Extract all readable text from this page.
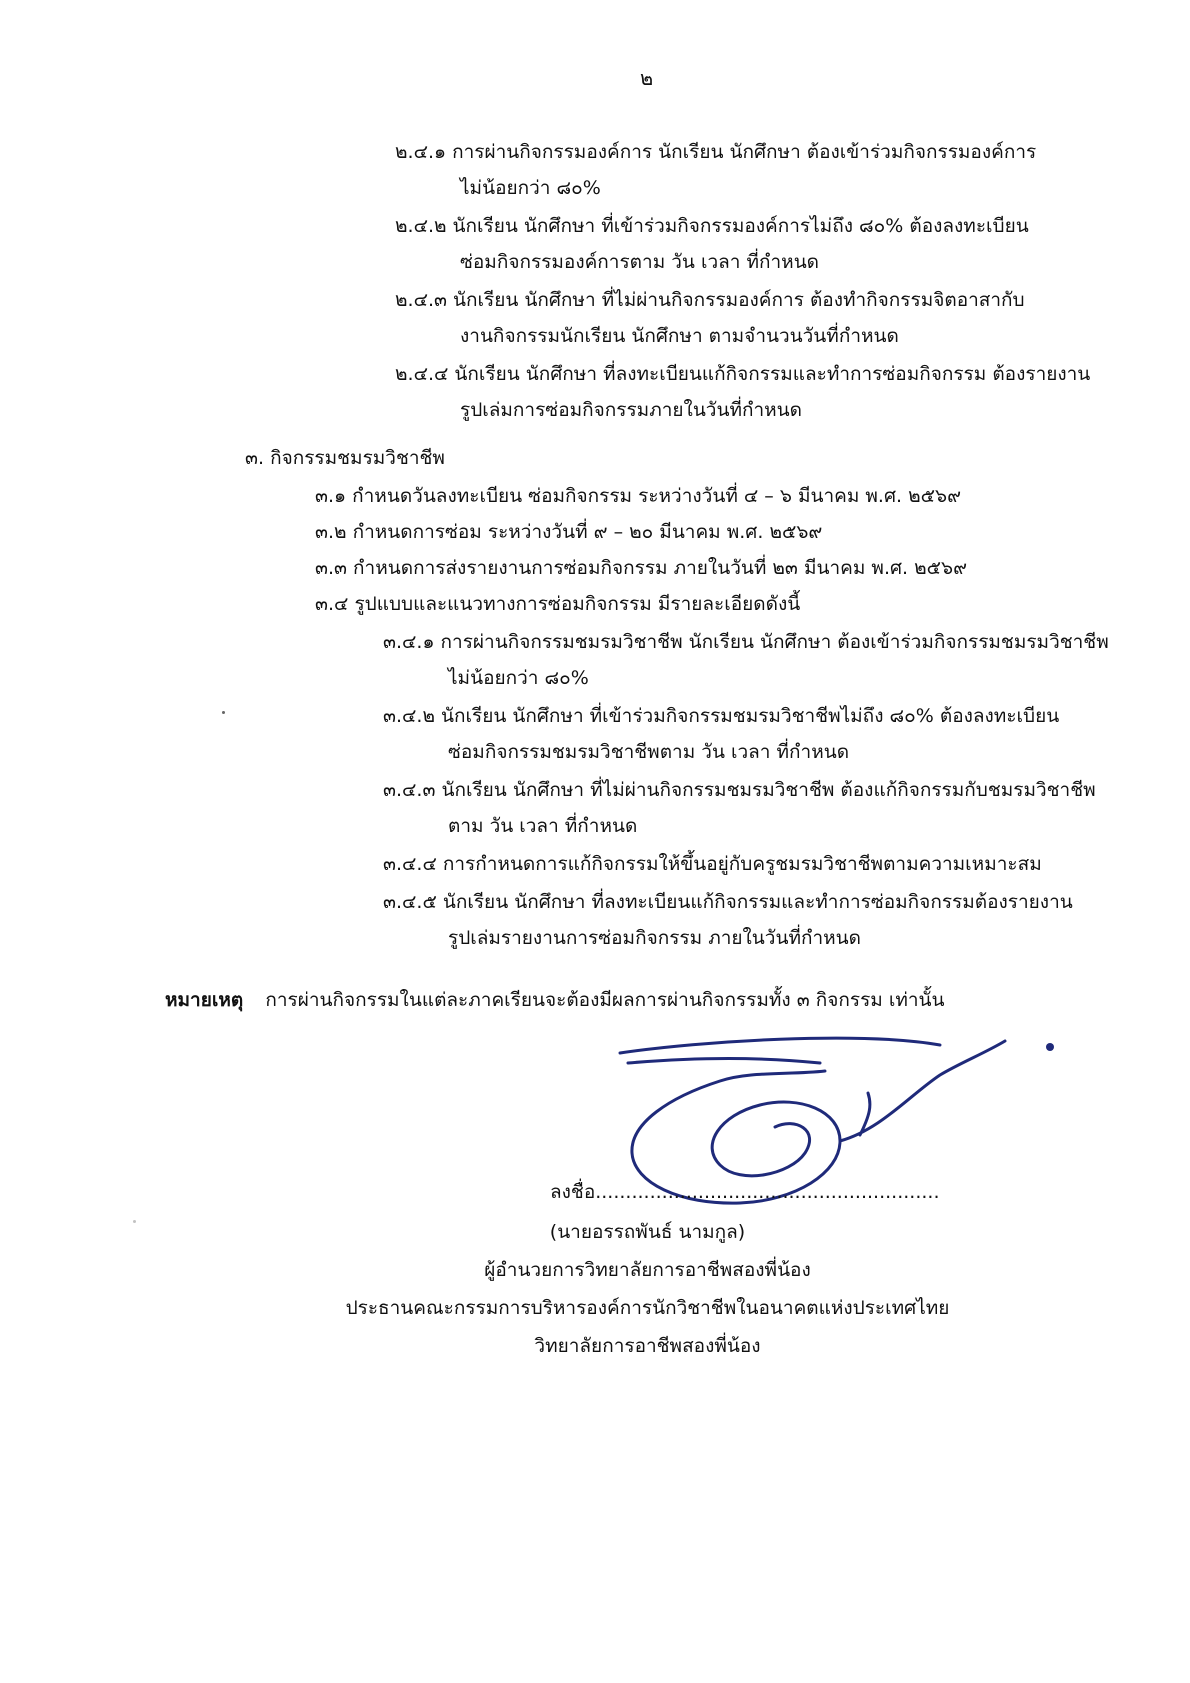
๒
๒.๔.๑ การผ่านกิจกรรมองค์การ นักเรียน นักศึกษา ต้องเข้าร่วมกิจกรรมองค์การ
ไม่น้อยกว่า ๘๐%
๒.๔.๒ นักเรียน นักศึกษา ที่เข้าร่วมกิจกรรมองค์การไม่ถึง ๘๐% ต้องลงทะเบียน
ซ่อมกิจกรรมองค์การตาม วัน เวลา ที่กำหนด
๒.๔.๓ นักเรียน นักศึกษา ที่ไม่ผ่านกิจกรรมองค์การ ต้องทำกิจกรรมจิตอาสากับ
งานกิจกรรมนักเรียน นักศึกษา ตามจำนวนวันที่กำหนด
๒.๔.๔ นักเรียน นักศึกษา ที่ลงทะเบียนแก้กิจกรรมและทำการซ่อมกิจกรรม ต้องรายงาน
รูปเล่มการซ่อมกิจกรรมภายในวันที่กำหนด
๓. กิจกรรมชมรมวิชาชีพ
๓.๑ กำหนดวันลงทะเบียน ซ่อมกิจกรรม ระหว่างวันที่ ๔ – ๖ มีนาคม พ.ศ. ๒๕๖๙
๓.๒ กำหนดการซ่อม ระหว่างวันที่ ๙ – ๒๐ มีนาคม พ.ศ. ๒๕๖๙
๓.๓ กำหนดการส่งรายงานการซ่อมกิจกรรม ภายในวันที่ ๒๓ มีนาคม พ.ศ. ๒๕๖๙
๓.๔ รูปแบบและแนวทางการซ่อมกิจกรรม มีรายละเอียดดังนี้
๓.๔.๑ การผ่านกิจกรรมชมรมวิชาชีพ นักเรียน นักศึกษา ต้องเข้าร่วมกิจกรรมชมรมวิชาชีพ
ไม่น้อยกว่า ๘๐%
๓.๔.๒ นักเรียน นักศึกษา ที่เข้าร่วมกิจกรรมชมรมวิชาชีพไม่ถึง ๘๐% ต้องลงทะเบียน
ซ่อมกิจกรรมชมรมวิชาชีพตาม วัน เวลา ที่กำหนด
๓.๔.๓ นักเรียน นักศึกษา ที่ไม่ผ่านกิจกรรมชมรมวิชาชีพ ต้องแก้กิจกรรมกับชมรมวิชาชีพ
ตาม วัน เวลา ที่กำหนด
๓.๔.๔ การกำหนดการแก้กิจกรรมให้ขึ้นอยู่กับครูชมรมวิชาชีพตามความเหมาะสม
๓.๔.๕ นักเรียน นักศึกษา ที่ลงทะเบียนแก้กิจกรรมและทำการซ่อมกิจกรรมต้องรายงาน
รูปเล่มรายงานการซ่อมกิจกรรม ภายในวันที่กำหนด
หมายเหตุ การผ่านกิจกรรมในแต่ละภาคเรียนจะต้องมีผลการผ่านกิจกรรมทั้ง ๓ กิจกรรม เท่านั้น
ลงชื่อ.........................................................
(นายอรรถพันธ์ นามกูล)
ผู้อำนวยการวิทยาลัยการอาชีพสองพี่น้อง
ประธานคณะกรรมการบริหารองค์การนักวิชาชีพในอนาคตแห่งประเทศไทย
วิทยาลัยการอาชีพสองพี่น้อง
